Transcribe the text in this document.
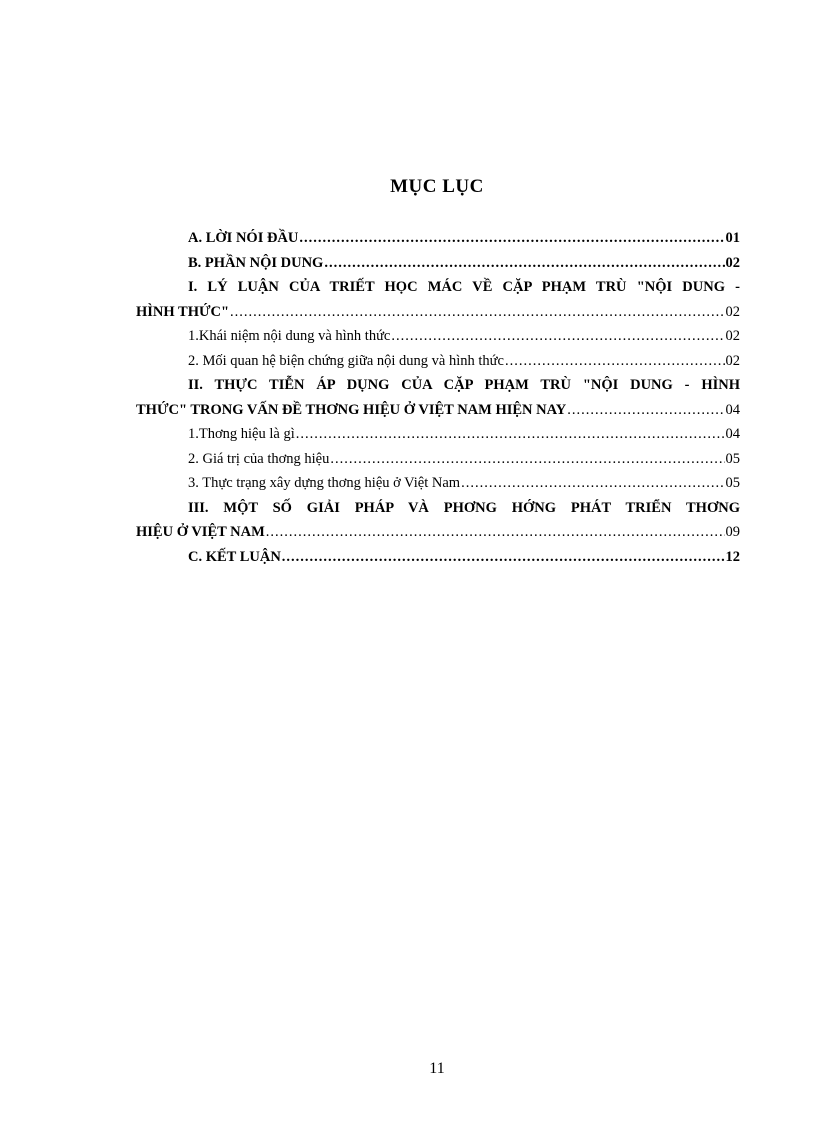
MỤC LỤC
A. LỜI NÓI ĐẦU .....	01
B. PHẦN NỘI DUNG .....	02
I. LÝ LUẬN CỦA TRIẾT HỌC MÁC VỀ CẶP PHẠM TRÙ "NỘI DUNG -
HÌNH THỨC" .....	02
1.Khái niệm nội dung và hình thức .....	02
2. Mối quan hệ biện chứng giữa nội dung và hình thức .....	02
II. THỰC TIỄN ÁP DỤNG CỦA CẶP PHẠM TRÙ "NỘI DUNG - HÌNH
THỨC" TRONG VẤN ĐỀ THƠNG HIỆU Ở VIỆT NAM HIỆN NAY .....	04
1.Thơng hiệu là gì .....	04
2. Giá trị của thơng hiệu .....	05
3. Thực trạng xây dựng thơng hiệu ở Việt Nam .....	05
III. MỘT SỐ GIẢI PHÁP VÀ PHƠNG HỚNG PHÁT TRIỂN THƠNG
HIỆU Ở VIỆT NAM .....	09
C. KẾT LUẬN .....	12
11
